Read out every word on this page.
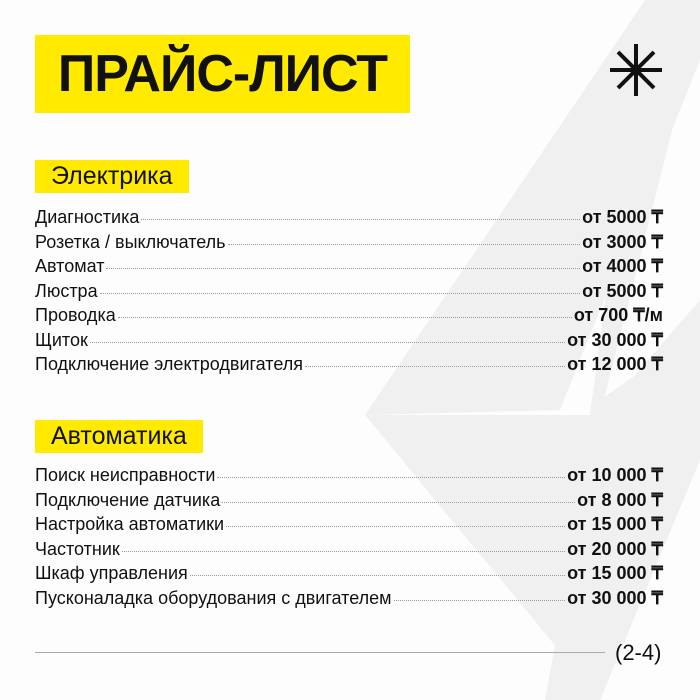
ПРАЙС-ЛИСТ
Электрика
Диагностика	от 5000 ₸
Розетка / выключатель	от 3000 ₸
Автомат	от 4000 ₸
Люстра	от 5000 ₸
Проводка	от 700 ₸/м
Щиток	от 30 000 ₸
Подключение электродвигателя	от 12 000 ₸
Автоматика
Поиск неисправности	от 10 000 ₸
Подключение датчика	от 8 000 ₸
Настройка автоматики	от 15 000 ₸
Частотник	от 20 000 ₸
Шкаф управления	от 15 000 ₸
Пусконаладка оборудования с двигателем	от 30 000 ₸
(2-4)
